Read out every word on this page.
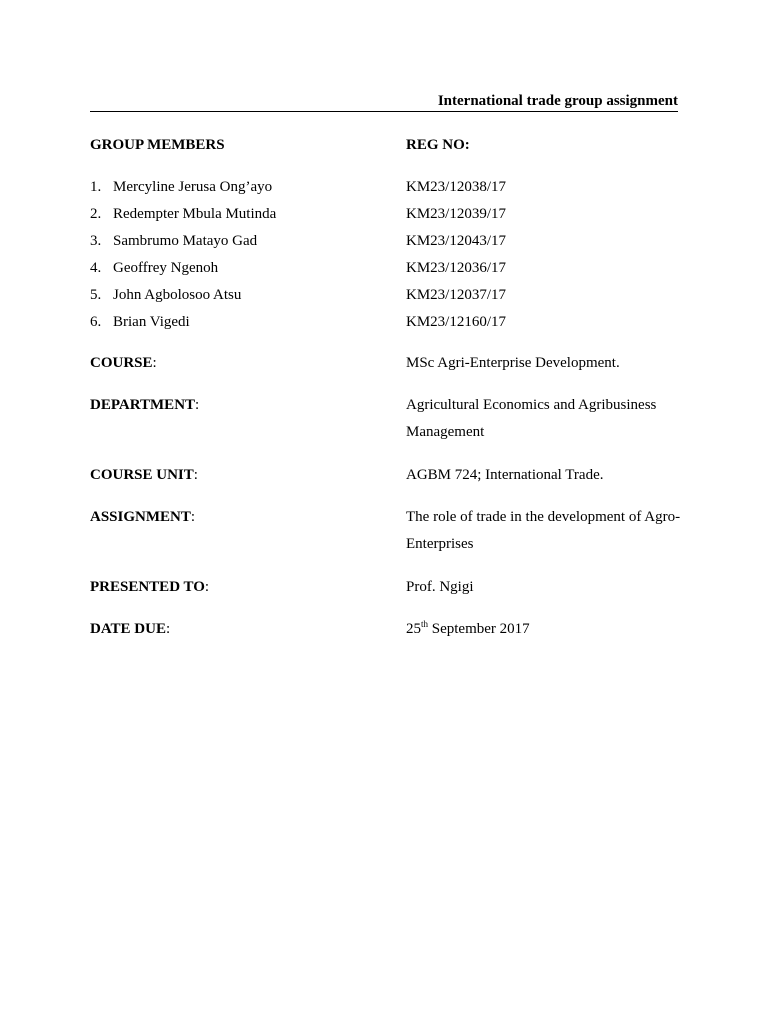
International trade group assignment
GROUP MEMBERS	REG NO:
1. Mercyline Jerusa Ong’ayo	KM23/12038/17
2. Redempter Mbula Mutinda	KM23/12039/17
3. Sambrumo Matayo Gad	KM23/12043/17
4. Geoffrey Ngenoh	KM23/12036/17
5. John Agbolosoo Atsu	KM23/12037/17
6. Brian Vigedi	KM23/12160/17
COURSE:	MSc Agri-Enterprise Development.
DEPARTMENT:	Agricultural Economics and Agribusiness Management
COURSE UNIT:	AGBM 724; International Trade.
ASSIGNMENT:	The role of trade in the development of Agro-Enterprises
PRESENTED TO:	Prof. Ngigi
DATE DUE:	25th September 2017
